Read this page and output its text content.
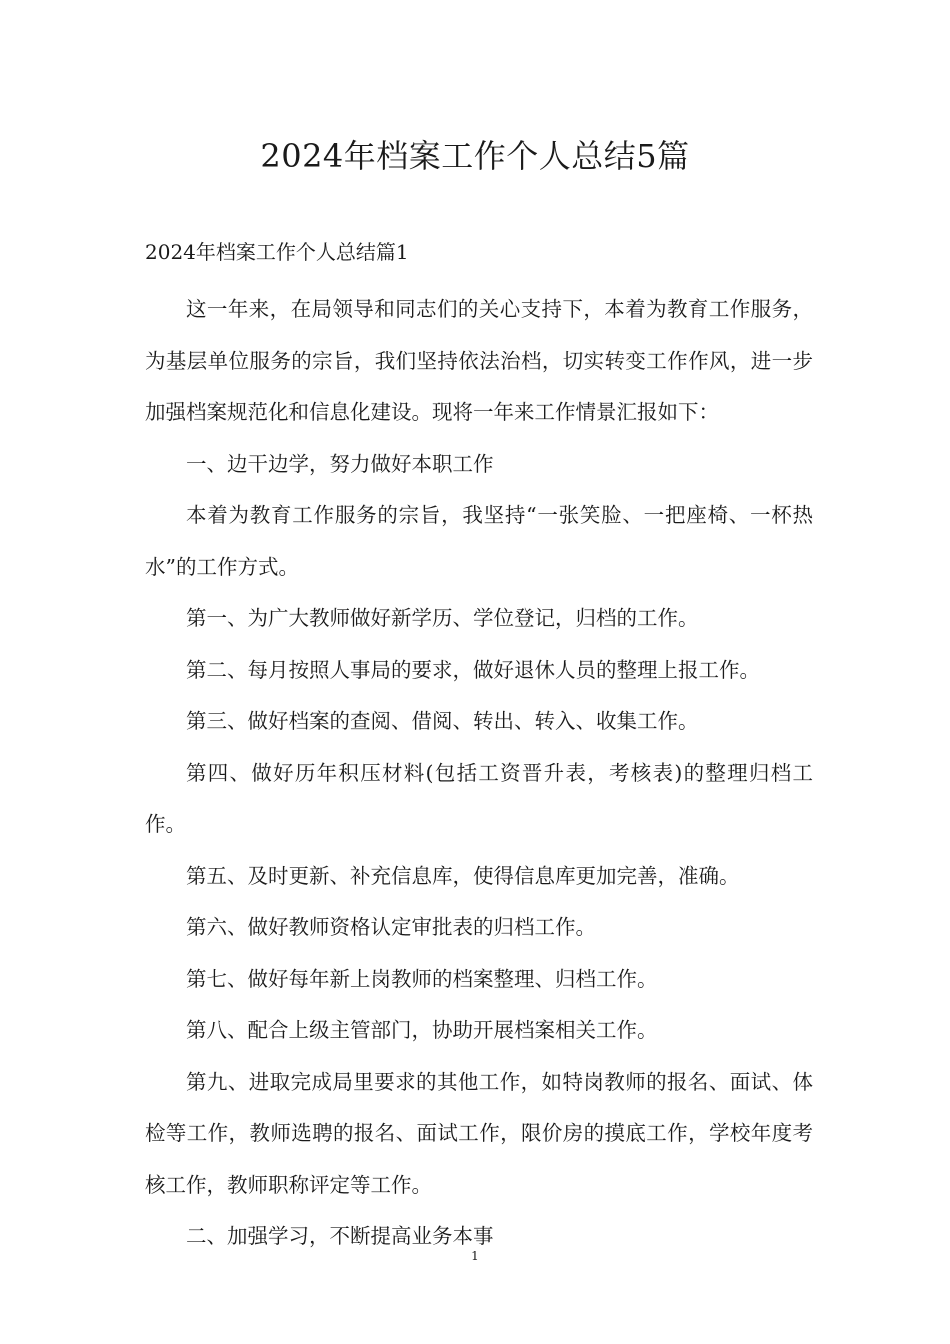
2024年档案工作个人总结5篇
2024年档案工作个人总结篇1

这一年来，在局领导和同志们的关心支持下，本着为教育工作服务，为基层单位服务的宗旨，我们坚持依法治档，切实转变工作作风，进一步加强档案规范化和信息化建设。现将一年来工作情景汇报如下：

一、边干边学，努力做好本职工作

本着为教育工作服务的宗旨，我坚持“一张笑脸、一把座椅、一杯热水”的工作方式。

第一、为广大教师做好新学历、学位登记，归档的工作。

第二、每月按照人事局的要求，做好退休人员的整理上报工作。

第三、做好档案的查阅、借阅、转出、转入、收集工作。

第四、做好历年积压材料(包括工资晋升表，考核表)的整理归档工作。

第五、及时更新、补充信息库，使得信息库更加完善，准确。

第六、做好教师资格认定审批表的归档工作。

第七、做好每年新上岗教师的档案整理、归档工作。

第八、配合上级主管部门，协助开展档案相关工作。

第九、进取完成局里要求的其他工作，如特岗教师的报名、面试、体检等工作，教师选聘的报名、面试工作，限价房的摸底工作，学校年度考核工作，教师职称评定等工作。

二、加强学习，不断提高业务本事

1
